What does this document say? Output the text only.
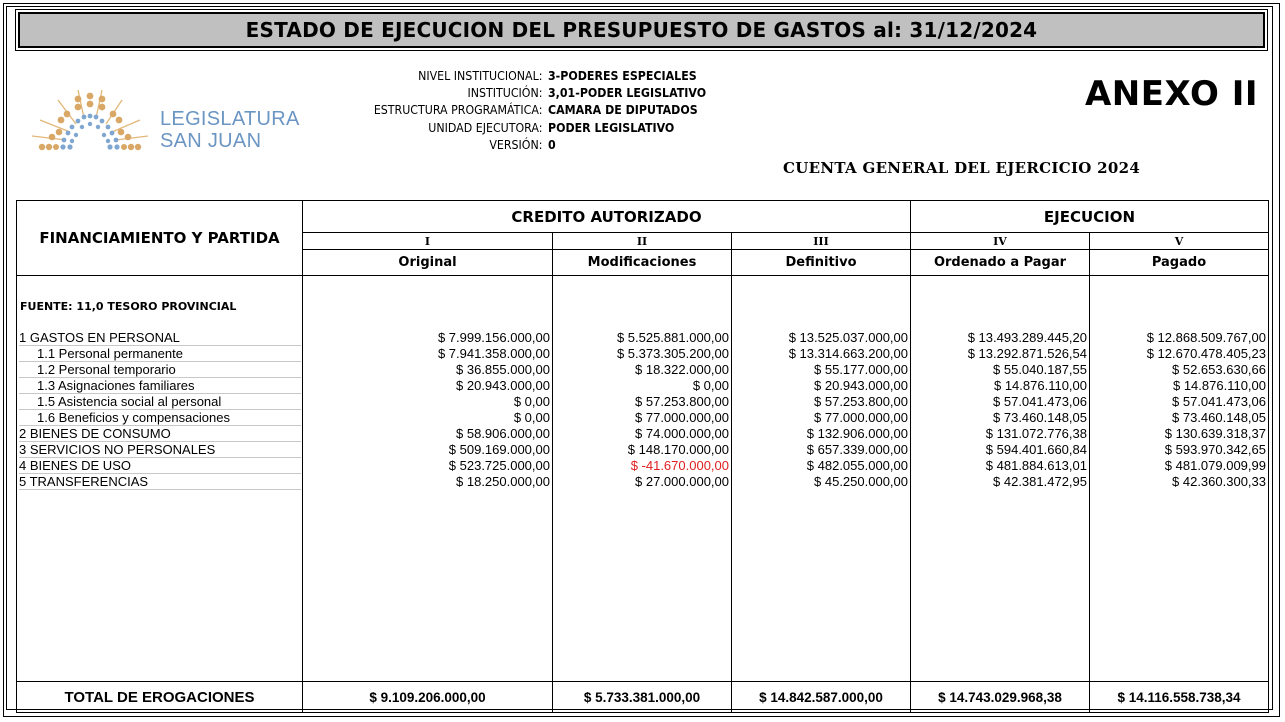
ESTADO DE EJECUCION DEL PRESUPUESTO DE GASTOS al: 31/12/2024
LEGISLATURA
SAN JUAN
NIVEL INSTITUCIONAL: 3-PODERES ESPECIALES
INSTITUCIÓN: 3,01-PODER LEGISLATIVO
ESTRUCTURA PROGRAMÁTICA: CAMARA DE DIPUTADOS
UNIDAD EJECUTORA: PODER LEGISLATIVO
VERSIÓN: 0
ANEXO II
CUENTA GENERAL DEL EJERCICIO 2024
FINANCIAMIENTO Y PARTIDA
CREDITO AUTORIZADO	EJECUCION
I	II	III	IV	V
Original	Modificaciones	Definitivo	Ordenado a Pagar	Pagado
FUENTE: 11,0 TESORO PROVINCIAL
1 GASTOS EN PERSONAL	$ 7.999.156.000,00	$ 5.525.881.000,00	$ 13.525.037.000,00	$ 13.493.289.445,20	$ 12.868.509.767,00
1.1 Personal permanente	$ 7.941.358.000,00	$ 5.373.305.200,00	$ 13.314.663.200,00	$ 13.292.871.526,54	$ 12.670.478.405,23
1.2 Personal temporario	$ 36.855.000,00	$ 18.322.000,00	$ 55.177.000,00	$ 55.040.187,55	$ 52.653.630,66
1.3 Asignaciones familiares	$ 20.943.000,00	$ 0,00	$ 20.943.000,00	$ 14.876.110,00	$ 14.876.110,00
1.5 Asistencia social al personal	$ 0,00	$ 57.253.800,00	$ 57.253.800,00	$ 57.041.473,06	$ 57.041.473,06
1.6 Beneficios y compensaciones	$ 0,00	$ 77.000.000,00	$ 77.000.000,00	$ 73.460.148,05	$ 73.460.148,05
2 BIENES DE CONSUMO	$ 58.906.000,00	$ 74.000.000,00	$ 132.906.000,00	$ 131.072.776,38	$ 130.639.318,37
3 SERVICIOS NO PERSONALES	$ 509.169.000,00	$ 148.170.000,00	$ 657.339.000,00	$ 594.401.660,84	$ 593.970.342,65
4 BIENES DE USO	$ 523.725.000,00	$ -41.670.000,00	$ 482.055.000,00	$ 481.884.613,01	$ 481.079.009,99
5 TRANSFERENCIAS	$ 18.250.000,00	$ 27.000.000,00	$ 45.250.000,00	$ 42.381.472,95	$ 42.360.300,33
TOTAL DE EROGACIONES	$ 9.109.206.000,00	$ 5.733.381.000,00	$ 14.842.587.000,00	$ 14.743.029.968,38	$ 14.116.558.738,34
